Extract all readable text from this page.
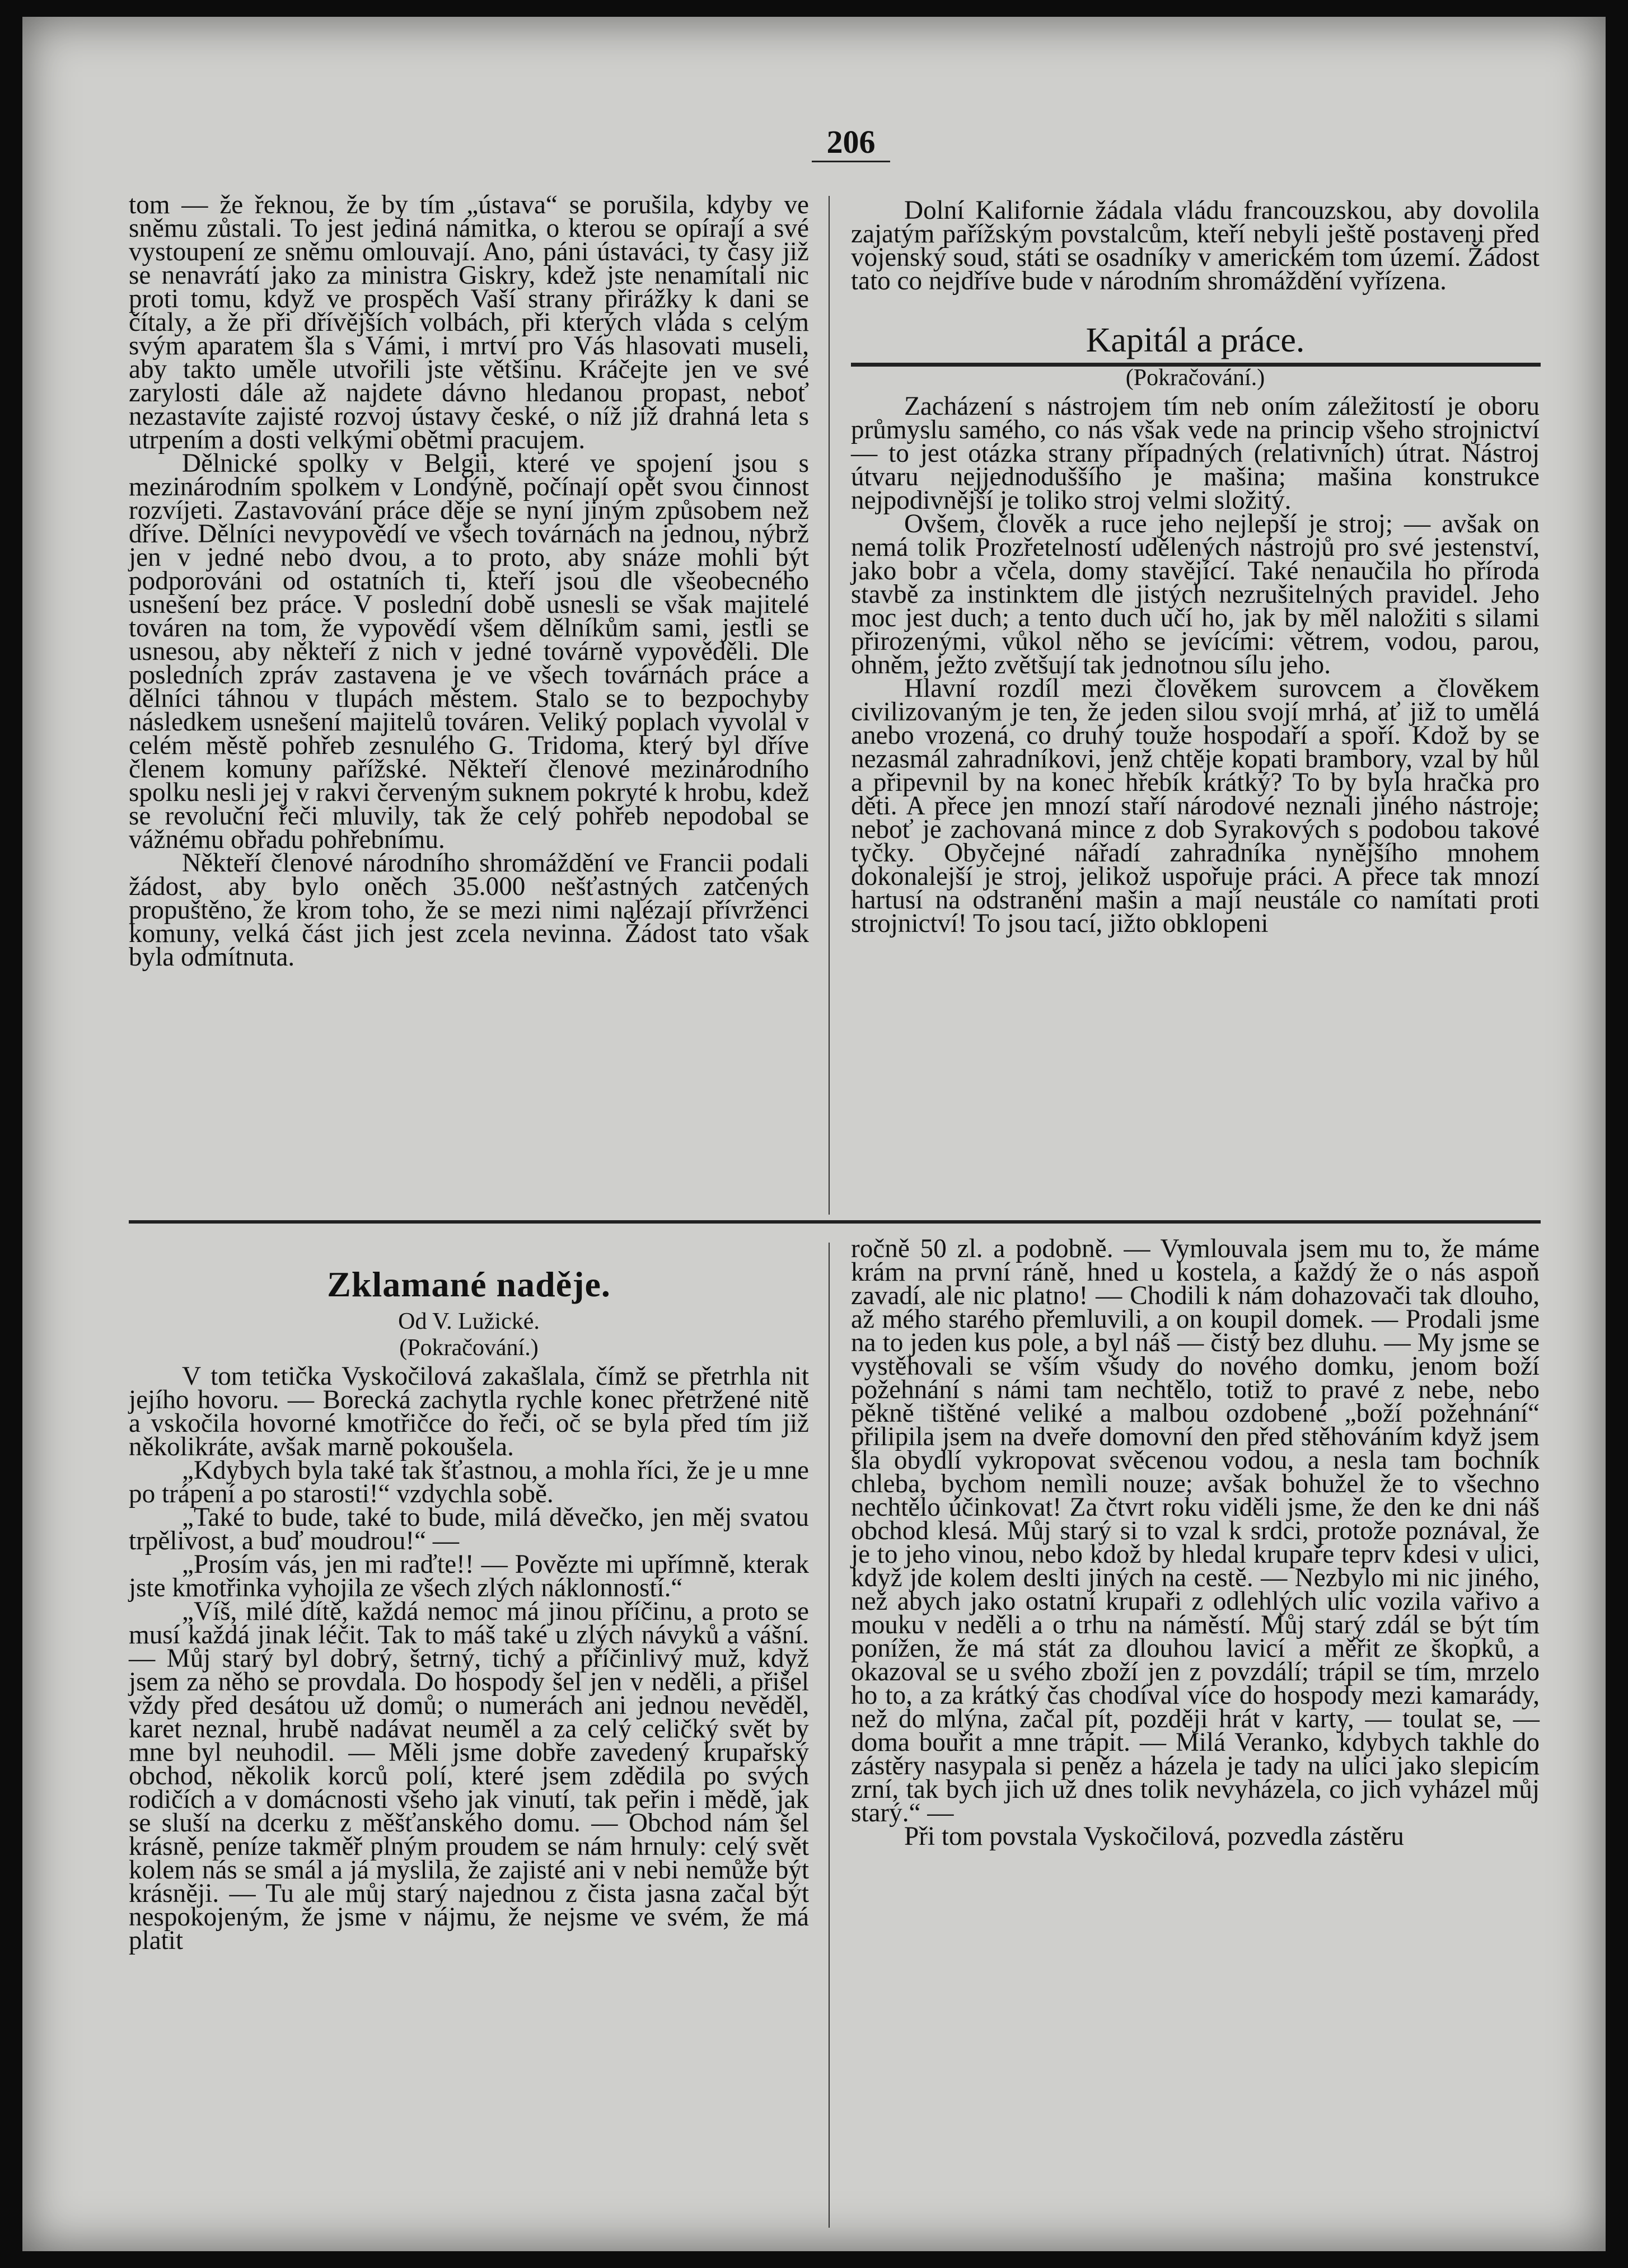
206

tom — že řeknou, že by tím „ústava“ se porušila, kdyby ve sněmu zůstali. To jest jediná námitka, o kterou se opírají a své vystoupení ze sněmu omlouvají. Ano, páni ústaváci, ty časy již se nenavrátí jako za ministra Giskry, kdež jste nenamítali nic proti tomu, když ve prospěch Vaší strany přirážky k dani se čítaly, a že při dřívějších volbách, při kterých vláda s celým svým aparatem šla s Vámi, i mrtví pro Vás hlasovati museli, aby takto uměle utvořili jste většinu. Kráčejte jen ve své zarylosti dále až najdete dávno hledanou propast, neboť nezastavíte zajisté rozvoj ústavy české, o níž již drahná leta s utrpením a dosti velkými obětmi pracujem.

Dělnické spolky v Belgii, které ve spojení jsou s mezinárodním spolkem v Londýně, počínají opět svou činnost rozvíjeti. Zastavování práce děje se nyní jiným způsobem než dříve. Dělníci nevypovědí ve všech továrnách na jednou, nýbrž jen v jedné nebo dvou, a to proto, aby snáze mohli být podporováni od ostatních ti, kteří jsou dle všeobecného usnešení bez práce. V poslední době usnesli se však majitelé továren na tom, že vypovědí všem dělníkům sami, jestli se usnesou, aby někteří z nich v jedné továrně vypověděli. Dle posledních zpráv zastavena je ve všech továrnách práce a dělníci táhnou v tlupách městem. Stalo se to bezpochyby následkem usnešení majitelů továren. Veliký poplach vyvolal v celém městě pohřeb zesnulého G. Tridoma, který byl dříve členem komuny pařížské. Někteří členové mezinárodního spolku nesli jej v rakvi červeným suknem pokryté k hrobu, kdež se revoluční řeči mluvily, tak že celý pohřeb nepodobal se vážnému obřadu pohřebnímu.

Někteří členové národního shromáždění ve Francii podali žádost, aby bylo oněch 35.000 nešťastných zatčených propuštěno, že krom toho, že se mezi nimi nalézají přívrženci komuny, velká část jich jest zcela nevinna. Žádost tato však byla odmítnuta.

Dolní Kalifornie žádala vládu francouzskou, aby dovolila zajatým pařížským povstalcům, kteří nebyli ještě postaveni před vojenský soud, státi se osadníky v americkém tom území. Žádost tato co nejdříve bude v národním shromáždění vyřízena.

Kapitál a práce.
(Pokračování.)

Zacházení s nástrojem tím neb oním záležitostí je oboru průmyslu samého, co nás však vede na princip všeho strojnictví — to jest otázka strany případných (relativních) útrat. Nástroj útvaru nejjednoduššího je mašina; mašina konstrukce nejpodivnější je toliko stroj velmi složitý.

Ovšem, člověk a ruce jeho nejlepší je stroj; — avšak on nemá tolik Prozřetelností udělených nástrojů pro své jestenství, jako bobr a včela, domy stavějící. Také nenaučila ho příroda stavbě za instinktem dle jistých nezrušitelných pravidel. Jeho moc jest duch; a tento duch učí ho, jak by měl naložiti s silami přirozenými, vůkol něho se jevícími: větrem, vodou, parou, ohněm, ježto zvětšují tak jednotnou sílu jeho.

Hlavní rozdíl mezi člověkem surovcem a člověkem civilizovaným je ten, že jeden silou svojí mrhá, ať již to umělá anebo vrozená, co druhý touže hospodaří a spoří. Kdož by se nezasmál zahradníkovi, jenž chtěje kopati brambory, vzal by hůl a připevnil by na konec hřebík krátký? To by byla hračka pro děti. A přece jen mnozí staří národové neznali jiného nástroje; neboť je zachovaná mince z dob Syrakových s podobou takové tyčky. Obyčejné nářadí zahradníka nynějšího mnohem dokonalejší je stroj, jelikož uspořuje práci. A přece tak mnozí hartusí na odstranění mašin a mají neustále co namítati proti strojnictví! To jsou tací, jižto obklopeni

Zklamané naděje.
Od V. Lužické.
(Pokračování.)

V tom tetička Vyskočilová zakašlala, čímž se přetrhla nit jejího hovoru. — Borecká zachytla rychle konec přetržené nitě a vskočila hovorné kmotřičce do řeči, oč se byla před tím již několikráte, avšak marně pokoušela.

„Kdybych byla také tak šťastnou, a mohla říci, že je u mne po trápení a po starosti!“ vzdychla sobě.

„Také to bude, také to bude, milá děvečko, jen měj svatou trpělivost, a buď moudrou!“ —

„Prosím vás, jen mi raďte!! — Povězte mi upřímně, kterak jste kmotřinka vyhojila ze všech zlých náklonností.“

„Víš, milé dítě, každá nemoc má jinou příčinu, a proto se musí každá jinak léčit. Tak to máš také u zlých návyků a vášní. — Můj starý byl dobrý, šetrný, tichý a příčinlivý muž, když jsem za něho se provdala. Do hospody šel jen v neděli, a přišel vždy před desátou už domů; o numerách ani jednou nevěděl, karet neznal, hrubě nadávat neuměl a za celý celičký svět by mne byl neuhodil. — Měli jsme dobře zavedený krupařský obchod, několik korců polí, které jsem zdědila po svých rodičích a v domácnosti všeho jak vinutí, tak peřin i mědě, jak se sluší na dcerku z měšťanského domu. — Obchod nám šel krásně, peníze takměř plným proudem se nám hrnuly: celý svět kolem nás se smál a já myslila, že zajisté ani v nebi nemůže být krásněji. — Tu ale můj starý najednou z čista jasna začal být nespokojeným, že jsme v nájmu, že nejsme ve svém, že má platit

ročně 50 zl. a podobně. — Vymlouvala jsem mu to, že máme krám na první ráně, hned u kostela, a každý že o nás aspoň zavadí, ale nic platno! — Chodili k nám dohazovači tak dlouho, až mého starého přemluvili, a on koupil domek. — Prodali jsme na to jeden kus pole, a byl náš — čistý bez dluhu. — My jsme se vystěhovali se vším všudy do nového domku, jenom boží požehnání s námi tam nechtělo, totiž to pravé z nebe, nebo pěkně tištěné veliké a malbou ozdobené „boží požehnání“ přilipila jsem na dveře domovní den před stěhováním když jsem šla obydlí vykropovat svěcenou vodou, a nesla tam bochník chleba, bychom nemìli nouze; avšak bohužel že to všechno nechtělo účinkovat! Za čtvrt roku viděli jsme, že den ke dni náš obchod klesá. Můj starý si to vzal k srdci, protože poznával, že je to jeho vinou, nebo kdož by hledal krupaře teprv kdesi v ulici, když jde kolem deslti jiných na cestě. — Nezbylo mi nic jiného, než abych jako ostatní krupaři z odlehlých ulic vozila vařivo a mouku v neděli a o trhu na náměstí. Můj starý zdál se být tím ponížen, že má stát za dlouhou lavicí a měřit ze škopků, a okazoval se u svého zboží jen z povzdálí; trápil se tím, mrzelo ho to, a za krátký čas chodíval více do hospody mezi kamarády, než do mlýna, začal pít, později hrát v karty, — toulat se, — doma bouřit a mne trápit. — Milá Veranko, kdybych takhle do zástěry nasypala si peněz a házela je tady na ulici jako slepicím zrní, tak bych jich už dnes tolik nevyházela, co jich vyházel můj starý.“ —

Při tom povstala Vyskočilová, pozvedla zástěru
